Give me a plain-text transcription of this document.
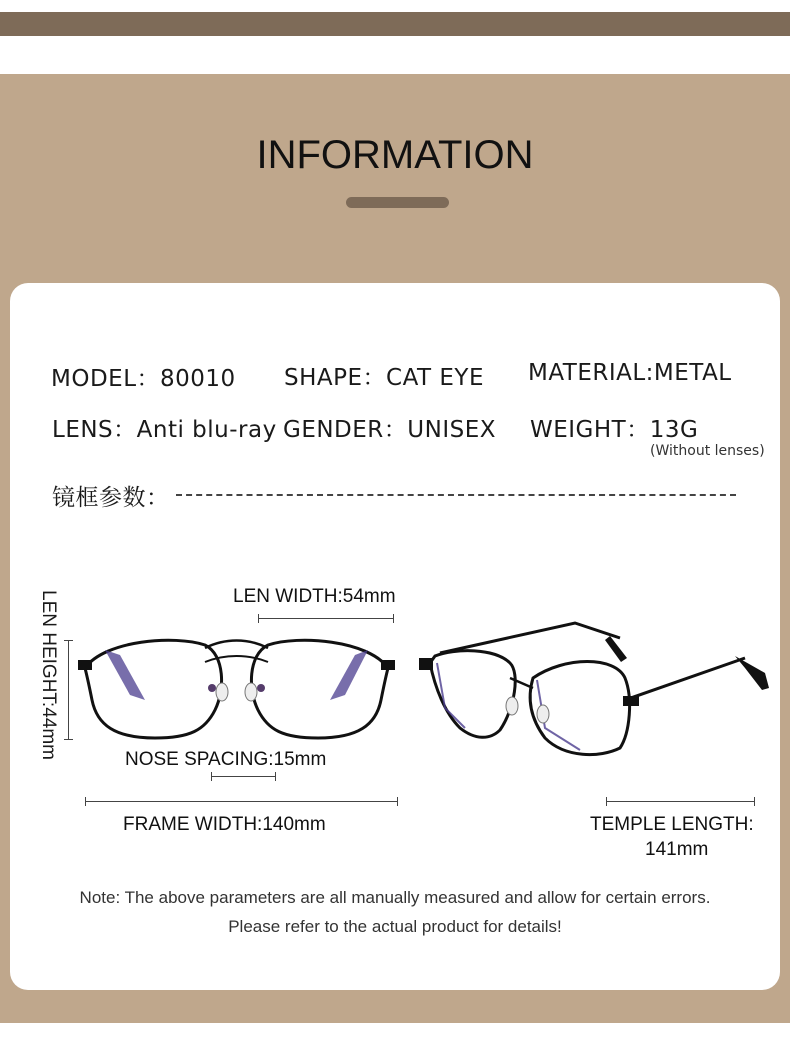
INFORMATION
MODEL：80010 SHAPE：CAT EYE MATERIAL:METAL
LENS：Anti blu-ray GENDER：UNISEX WEIGHT：13G
(Without lenses)
镜框参数：
LEN WIDTH:54mm
LEN HEIGHT:44mm	NOSE SPACING:15mm
FRAME WIDTH:140mm	TEMPLE LENGTH:
141mm
Note: The above parameters are all manually measured and allow for certain errors.
Please refer to the actual product for details!
